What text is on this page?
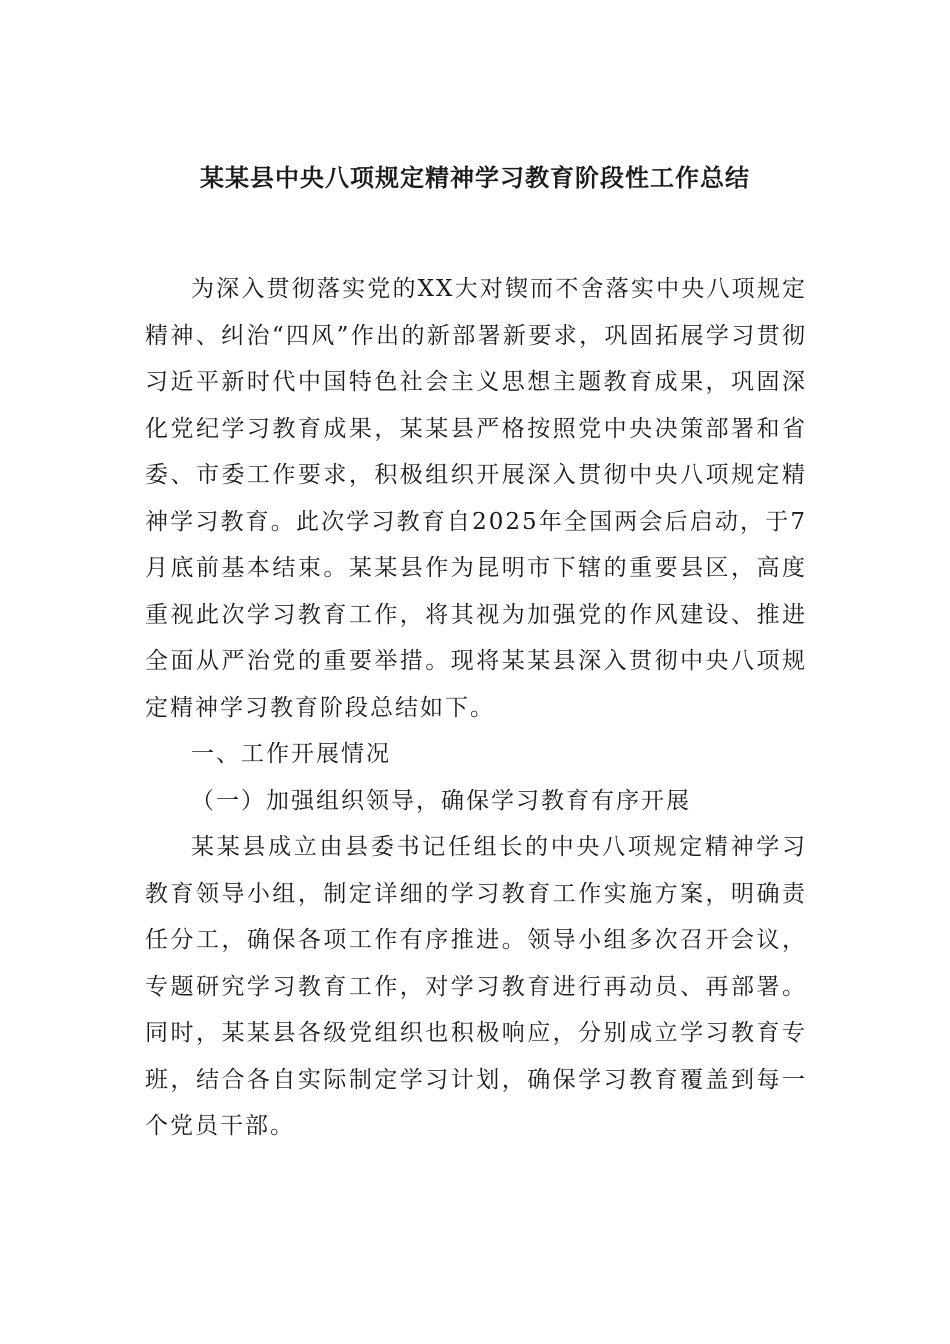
某某县中央八项规定精神学习教育阶段性工作总结

为深入贯彻落实党的XX大对锲而不舍落实中央八项规定精神、纠治“四风”作出的新部署新要求，巩固拓展学习贯彻习近平新时代中国特色社会主义思想主题教育成果，巩固深化党纪学习教育成果，某某县严格按照党中央决策部署和省委、市委工作要求，积极组织开展深入贯彻中央八项规定精神学习教育。此次学习教育自2025年全国两会后启动，于7月底前基本结束。某某县作为昆明市下辖的重要县区，高度重视此次学习教育工作，将其视为加强党的作风建设、推进全面从严治党的重要举措。现将某某县深入贯彻中央八项规定精神学习教育阶段总结如下。

一、工作开展情况

（一）加强组织领导，确保学习教育有序开展

某某县成立由县委书记任组长的中央八项规定精神学习教育领导小组，制定详细的学习教育工作实施方案，明确责任分工，确保各项工作有序推进。领导小组多次召开会议，专题研究学习教育工作，对学习教育进行再动员、再部署。同时，某某县各级党组织也积极响应，分别成立学习教育专班，结合各自实际制定学习计划，确保学习教育覆盖到每一个党员干部。
